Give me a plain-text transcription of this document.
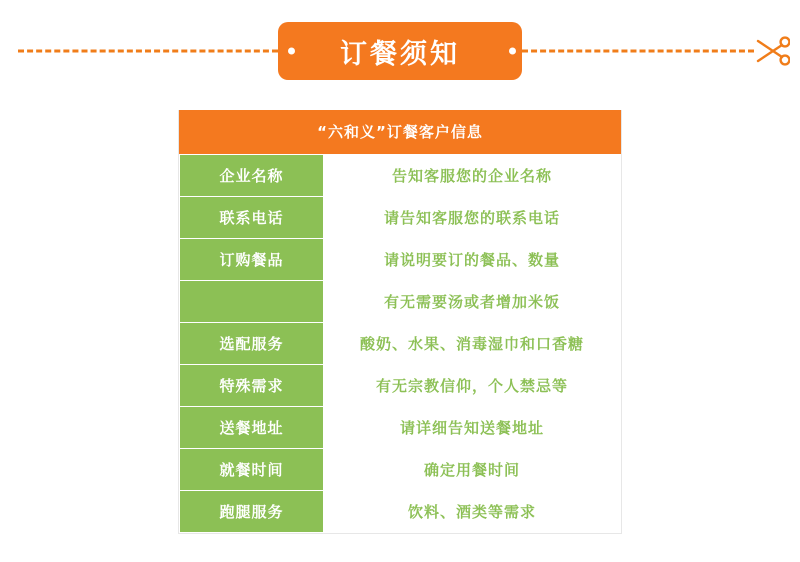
订餐须知
“六和义”订餐客户信息
企业名称	告知客服您的企业名称
联系电话	请告知客服您的联系电话
订购餐品	请说明要订的餐品、数量
	有无需要汤或者增加米饭
选配服务	酸奶、水果、消毒湿巾和口香糖
特殊需求	有无宗教信仰，个人禁忌等
送餐地址	请详细告知送餐地址
就餐时间	确定用餐时间
跑腿服务	饮料、酒类等需求
